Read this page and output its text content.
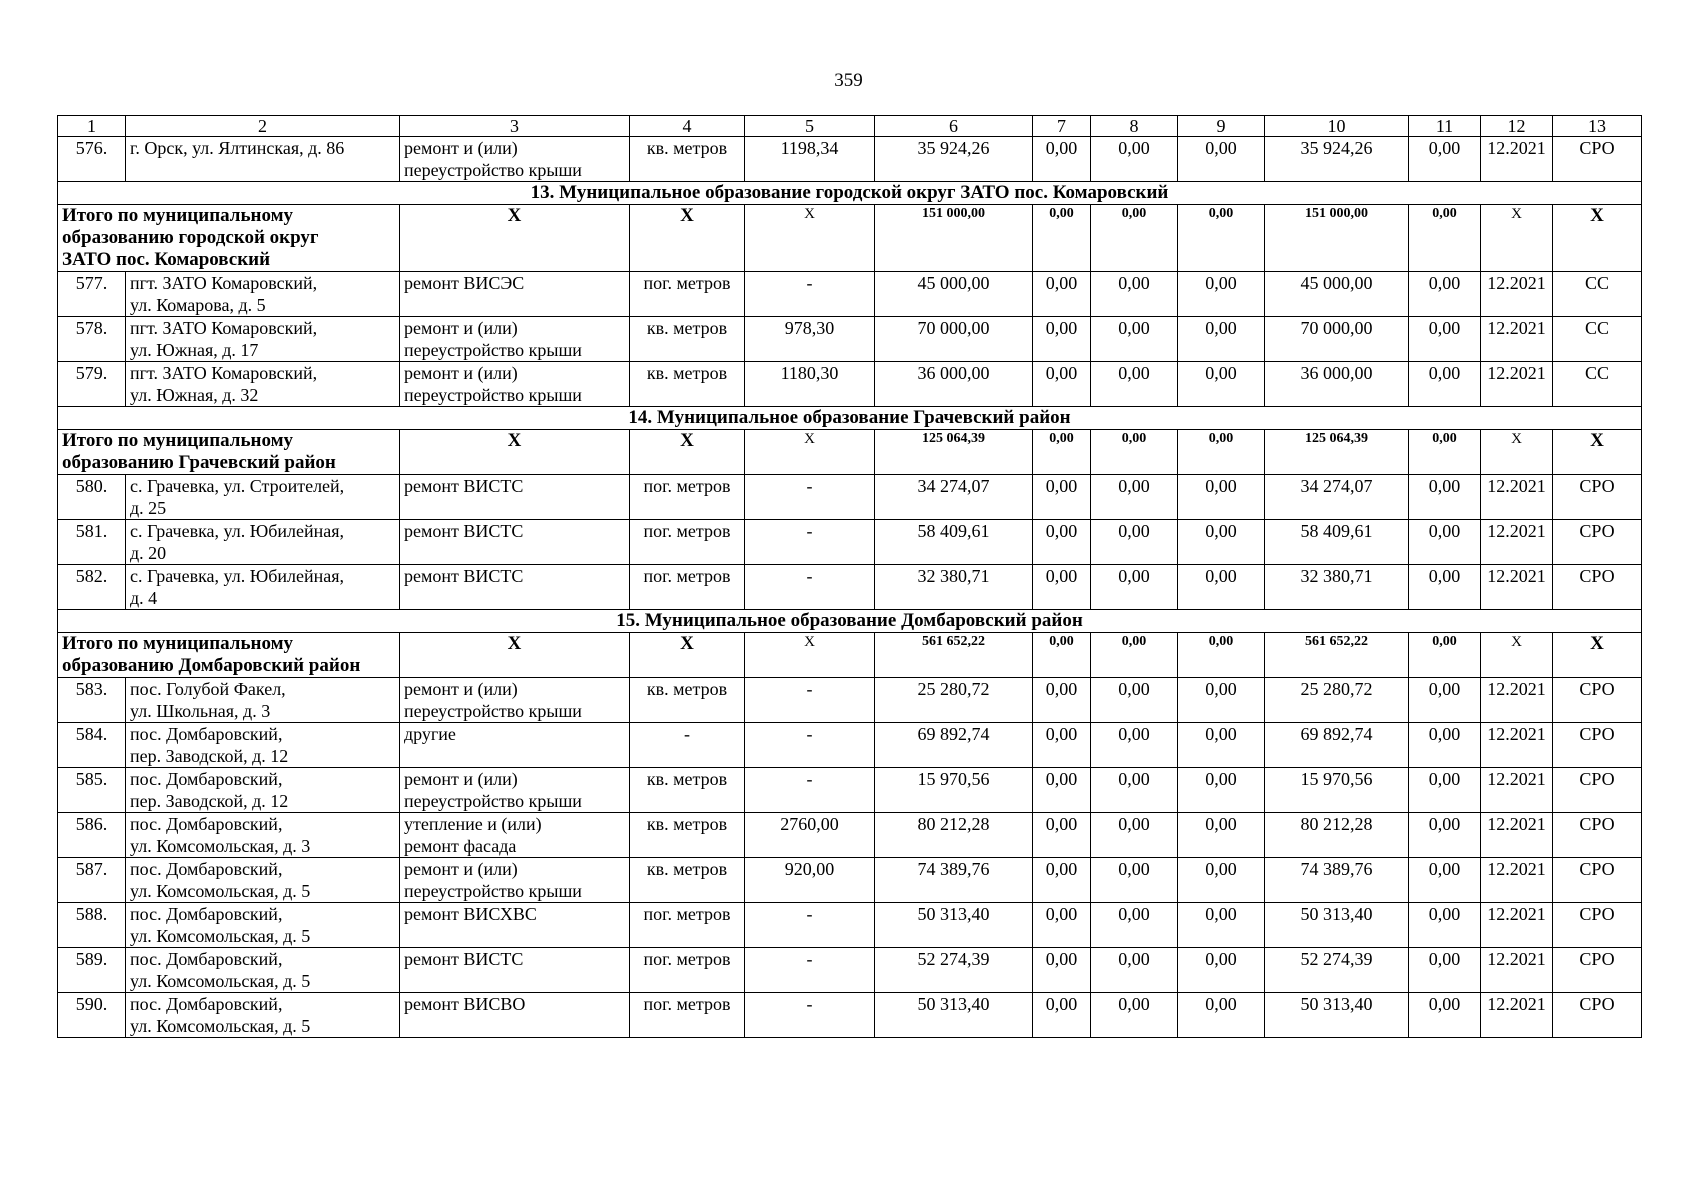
359
1	2	3	4	5	6	7	8	9	10	11	12	13
576.	г. Орск, ул. Ялтинская, д. 86	ремонт и (или)
переустройство крыши	кв. метров	1198,34	35 924,26	0,00	0,00	0,00	35 924,26	0,00	12.2021	СРО
13. Муниципальное образование городской округ ЗАТО пос. Комаровский												
Итого по муниципальному
образованию городской округ
ЗАТО пос. Комаровский		Х	Х	Х	151 000,00	0,00	0,00	0,00	151 000,00	0,00	Х	Х
577.	пгт. ЗАТО Комаровский,
ул. Комарова, д. 5	ремонт ВИСЭС	пог. метров	-	45 000,00	0,00	0,00	0,00	45 000,00	0,00	12.2021	СС
578.	пгт. ЗАТО Комаровский,
ул. Южная, д. 17	ремонт и (или)
переустройство крыши	кв. метров	978,30	70 000,00	0,00	0,00	0,00	70 000,00	0,00	12.2021	СС
579.	пгт. ЗАТО Комаровский,
ул. Южная, д. 32	ремонт и (или)
переустройство крыши	кв. метров	1180,30	36 000,00	0,00	0,00	0,00	36 000,00	0,00	12.2021	СС
14. Муниципальное образование Грачевский район												
Итого по муниципальному
образованию Грачевский район		Х	Х	Х	125 064,39	0,00	0,00	0,00	125 064,39	0,00	Х	Х
580.	с. Грачевка, ул. Строителей,
д. 25	ремонт ВИСТС	пог. метров	-	34 274,07	0,00	0,00	0,00	34 274,07	0,00	12.2021	СРО
581.	с. Грачевка, ул. Юбилейная,
д. 20	ремонт ВИСТС	пог. метров	-	58 409,61	0,00	0,00	0,00	58 409,61	0,00	12.2021	СРО
582.	с. Грачевка, ул. Юбилейная,
д. 4	ремонт ВИСТС	пог. метров	-	32 380,71	0,00	0,00	0,00	32 380,71	0,00	12.2021	СРО
15. Муниципальное образование Домбаровский район												
Итого по муниципальному
образованию Домбаровский район		Х	Х	Х	561 652,22	0,00	0,00	0,00	561 652,22	0,00	Х	Х
583.	пос. Голубой Факел,
ул. Школьная, д. 3	ремонт и (или)
переустройство крыши	кв. метров	-	25 280,72	0,00	0,00	0,00	25 280,72	0,00	12.2021	СРО
584.	пос. Домбаровский,
пер. Заводской, д. 12	другие	-	-	69 892,74	0,00	0,00	0,00	69 892,74	0,00	12.2021	СРО
585.	пос. Домбаровский,
пер. Заводской, д. 12	ремонт и (или)
переустройство крыши	кв. метров	-	15 970,56	0,00	0,00	0,00	15 970,56	0,00	12.2021	СРО
586.	пос. Домбаровский,
ул. Комсомольская, д. 3	утепление и (или)
ремонт фасада	кв. метров	2760,00	80 212,28	0,00	0,00	0,00	80 212,28	0,00	12.2021	СРО
587.	пос. Домбаровский,
ул. Комсомольская, д. 5	ремонт и (или)
переустройство крыши	кв. метров	920,00	74 389,76	0,00	0,00	0,00	74 389,76	0,00	12.2021	СРО
588.	пос. Домбаровский,
ул. Комсомольская, д. 5	ремонт ВИСХВС	пог. метров	-	50 313,40	0,00	0,00	0,00	50 313,40	0,00	12.2021	СРО
589.	пос. Домбаровский,
ул. Комсомольская, д. 5	ремонт ВИСТС	пог. метров	-	52 274,39	0,00	0,00	0,00	52 274,39	0,00	12.2021	СРО
590.	пос. Домбаровский,
ул. Комсомольская, д. 5	ремонт ВИСВО	пог. метров	-	50 313,40	0,00	0,00	0,00	50 313,40	0,00	12.2021	СРО
